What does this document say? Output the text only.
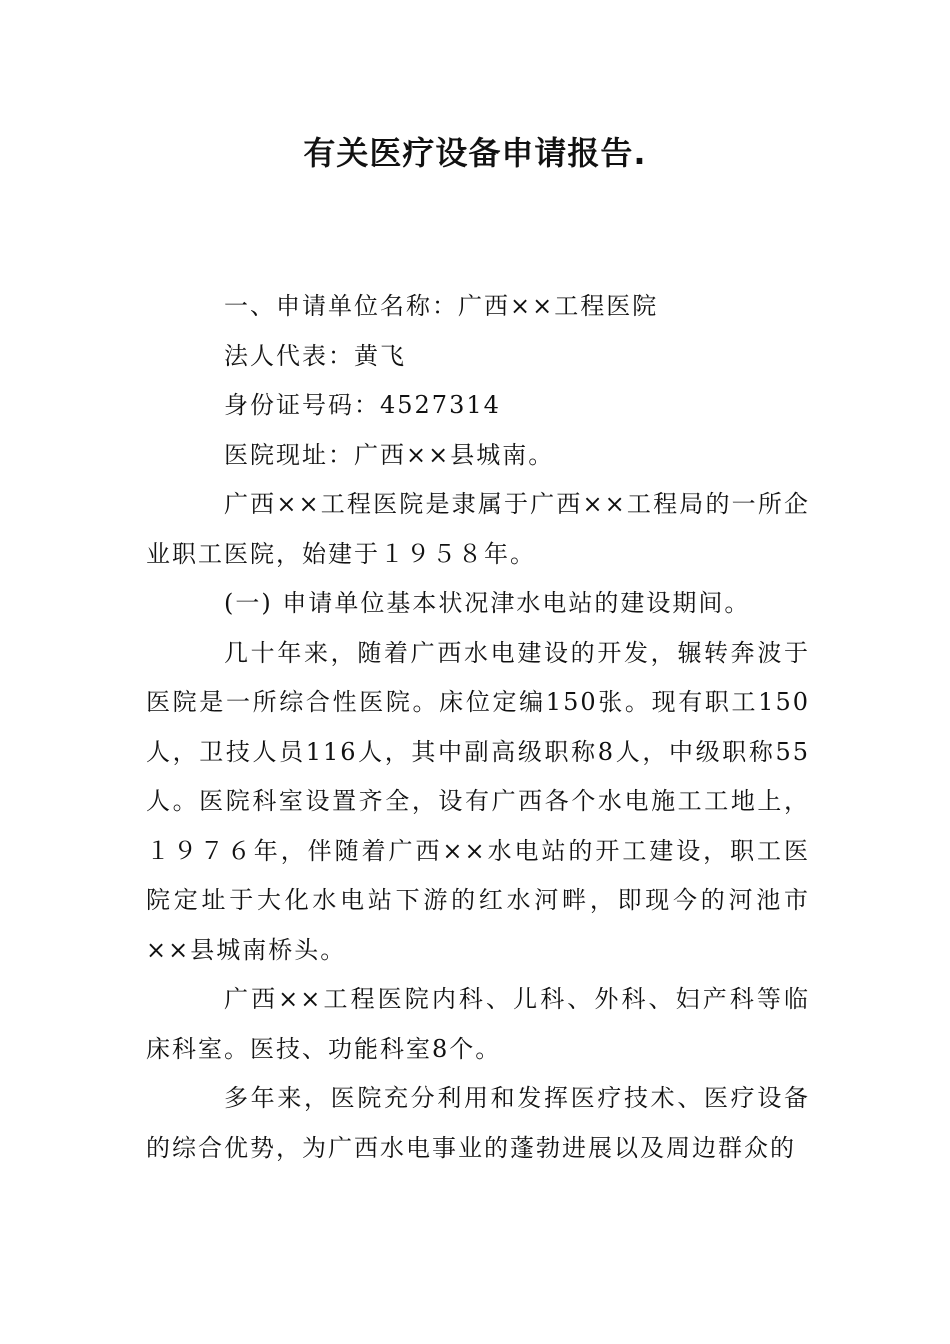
有关医疗设备申请报告.

一、申请单位名称：广西××工程医院

法人代表：黄飞

身份证号码：4527314

医院现址：广西××县城南。

广西××工程医院是隶属于广西××工程局的一所企业职工医院，始建于１９５８年。

(一) 申请单位基本状况津水电站的建设期间。

几十年来，随着广西水电建设的开发，辗转奔波于医院是一所综合性医院。床位定编150张。现有职工150人，卫技人员116人，其中副高级职称8人，中级职称55人。医院科室设置齐全，设有广西各个水电施工工地上，１９７６年，伴随着广西××水电站的开工建设，职工医院定址于大化水电站下游的红水河畔，即现今的河池市××县城南桥头。

广西××工程医院内科、儿科、外科、妇产科等临床科室。医技、功能科室8个。

多年来，医院充分利用和发挥医疗技术、医疗设备的综合优势，为广西水电事业的蓬勃进展以及周边群众的
